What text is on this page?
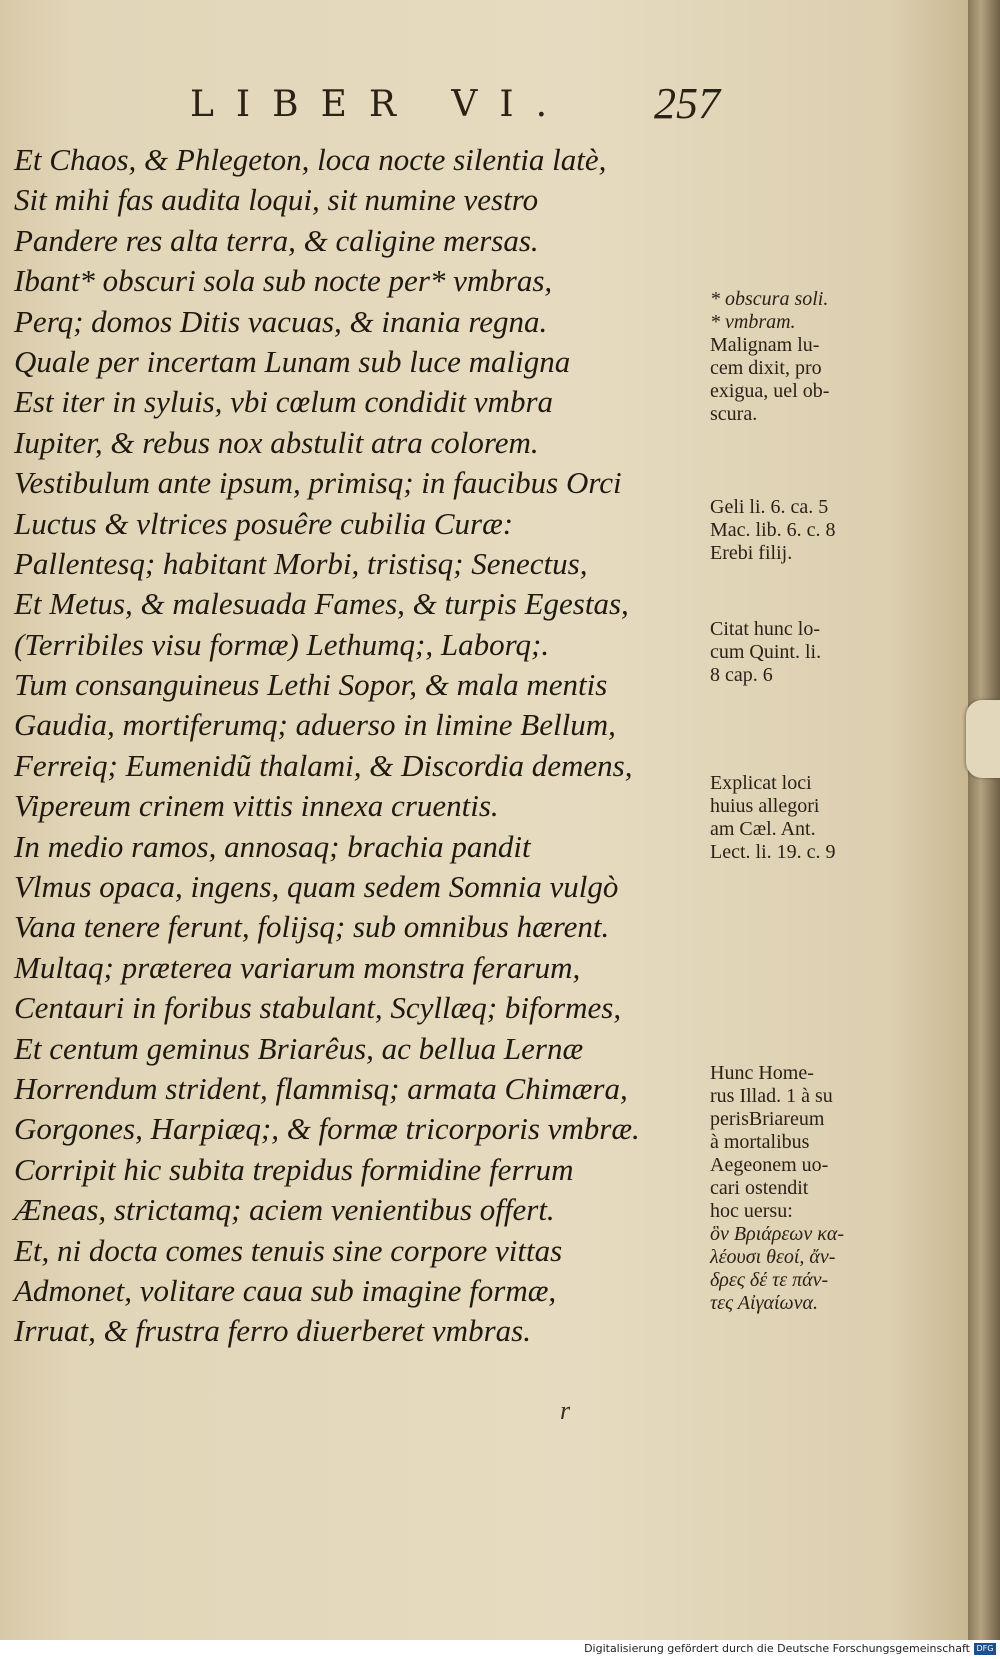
LIBER VI. 257
Et Chaos, & Phlegeton, loca nocte silentia latè,
Sit mihi fas audita loqui, sit numine vestro
Pandere res alta terra, & caligine mersas.
Ibant* obscuri sola sub nocte per* vmbras,
Perq; domos Ditis vacuas, & inania regna.
Quale per incertam Lunam sub luce maligna
Est iter in syluis, vbi cœlum condidit vmbra
Iupiter, & rebus nox abstulit atra colorem.
Vestibulum ante ipsum, primisq; in faucibus Orci
Luctus & vltrices posuêre cubilia Curæ:
Pallentesq; habitant Morbi, tristisq; Senectus,
Et Metus, & malesuada Fames, & turpis Egestas,
(Terribiles visu formæ) Lethumq;, Laborq;.
Tum consanguineus Lethi Sopor, & mala mentis
Gaudia, mortiferumq; aduerso in limine Bellum,
Ferreiq; Eumenidũ thalami, & Discordia demens,
Vipereum crinem vittis innexa cruentis.
In medio ramos, annosaq; brachia pandit
Vlmus opaca, ingens, quam sedem Somnia vulgò
Vana tenere ferunt, folijsq; sub omnibus hærent.
Multaq; præterea variarum monstra ferarum,
Centauri in foribus stabulant, Scyllæq; biformes,
Et centum geminus Briarêus, ac bellua Lernæ
Horrendum strident, flammisq; armata Chimæra,
Gorgones, Harpiæq;, & formæ tricorporis vmbræ.
Corripit hic subita trepidus formidine ferrum
Æneas, strictamq; aciem venientibus offert.
Et, ni docta comes tenuis sine corpore vittas
Admonet, volitare caua sub imagine formæ,
Irruat, & frustra ferro diuerberet vmbras.
* obscura soli.
* vmbram.
Malignam lu-
cem dixit, pro
exigua, uel ob-
scura.
Geli li. 6. ca. 5
Mac. lib. 6. c. 8
Erebi filij.
Citat hunc lo-
cum Quint. li.
8 cap. 6
Explicat loci
huius allegori
am Cæl. Ant.
Lect. li. 19. c. 9
Hunc Home-
rus Illad. 1 à su
perisBriareum
à mortalibus
Aegeonem uo-
cari ostendit
hoc uersu:
ὃν Βριάρεων κα-
λέουσι θεοί, ἄν-
δρες δέ τε πάν-
τες Αἰγαίωνα.
r
Digitalisierung gefördert durch die Deutsche Forschungsgemeinschaft DFG
